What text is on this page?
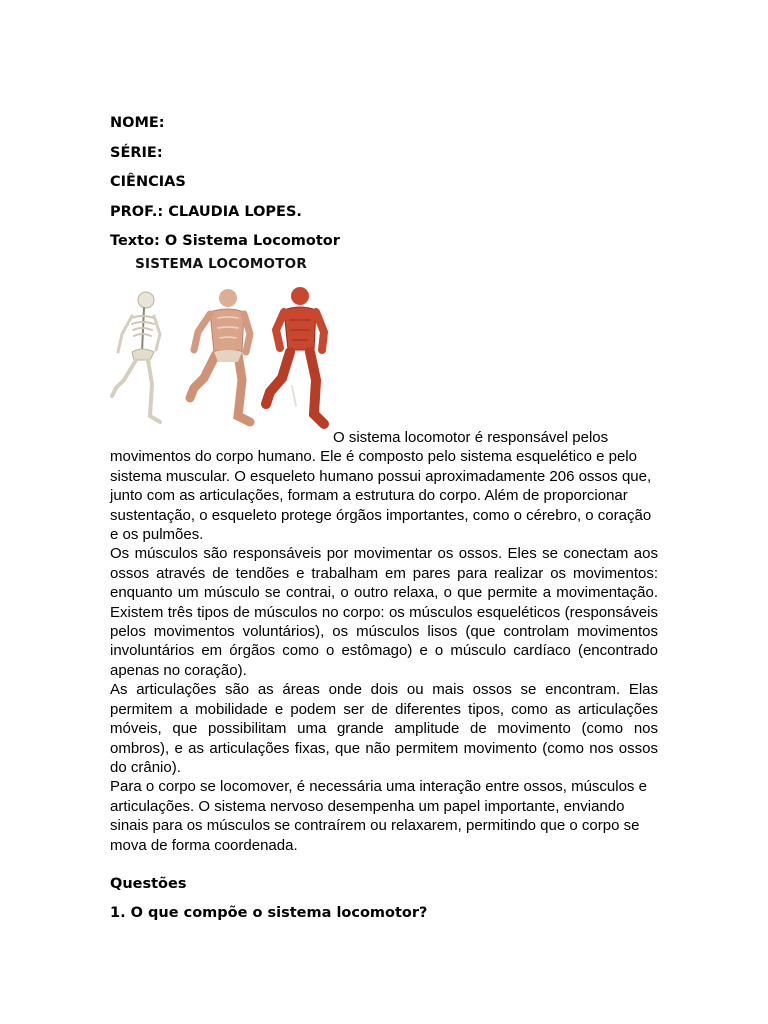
NOME:
SÉRIE:
CIÊNCIAS
PROF.: CLAUDIA LOPES.
Texto: O Sistema Locomotor
SISTEMA LOCOMOTOR

O sistema locomotor é responsável pelos
movimentos do corpo humano. Ele é composto pelo sistema esquelético e pelo sistema muscular. O esqueleto humano possui aproximadamente 206 ossos que, junto com as articulações, formam a estrutura do corpo. Além de proporcionar sustentação, o esqueleto protege órgãos importantes, como o cérebro, o coração e os pulmões.

Os músculos são responsáveis por movimentar os ossos. Eles se conectam aos ossos através de tendões e trabalham em pares para realizar os movimentos: enquanto um músculo se contrai, o outro relaxa, o que permite a movimentação. Existem três tipos de músculos no corpo: os músculos esqueléticos (responsáveis pelos movimentos voluntários), os músculos lisos (que controlam movimentos involuntários em órgãos como o estômago) e o músculo cardíaco (encontrado apenas no coração).

As articulações são as áreas onde dois ou mais ossos se encontram. Elas permitem a mobilidade e podem ser de diferentes tipos, como as articulações móveis, que possibilitam uma grande amplitude de movimento (como nos ombros), e as articulações fixas, que não permitem movimento (como nos ossos do crânio).

Para o corpo se locomover, é necessária uma interação entre ossos, músculos e articulações. O sistema nervoso desempenha um papel importante, enviando sinais para os músculos se contraírem ou relaxarem, permitindo que o corpo se mova de forma coordenada.

Questões
1. O que compõe o sistema locomotor?
